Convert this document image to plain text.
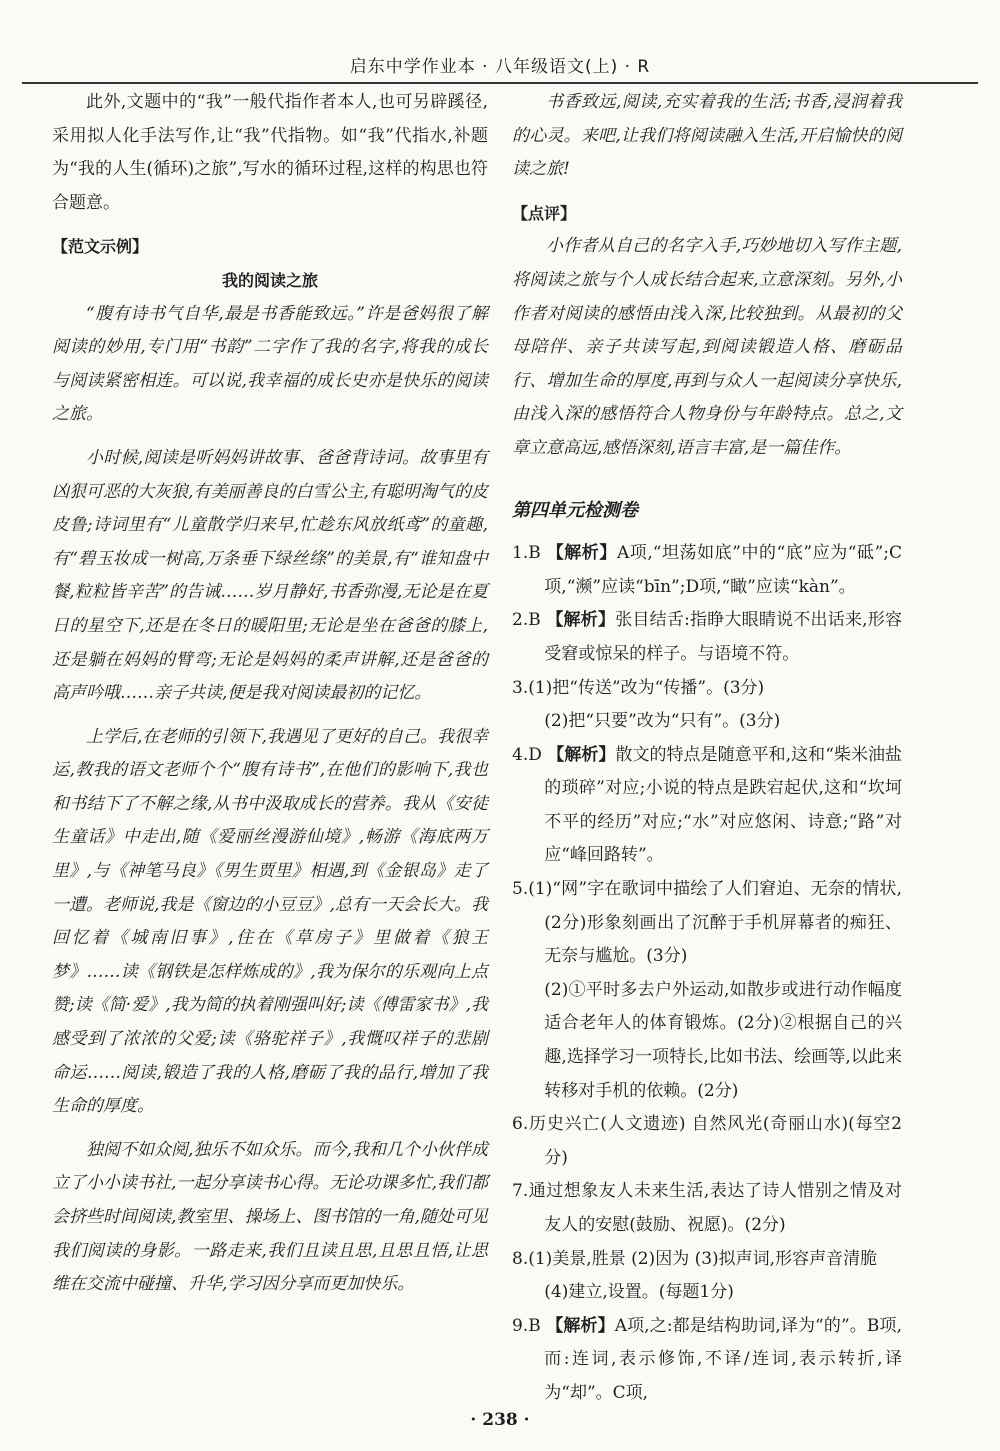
启东中学作业本 · 八年级语文(上) · R

此外,文题中的“我”一般代指作者本人,也可另辟蹊径,采用拟人化手法写作,让“我”代指物。如“我”代指水,补题为“我的人生(循环)之旅”,写水的循环过程,这样的构思也符合题意。

【范文示例】

我的阅读之旅

“腹有诗书气自华,最是书香能致远。”许是爸妈很了解阅读的妙用,专门用“书韵”二字作了我的名字,将我的成长与阅读紧密相连。可以说,我幸福的成长史亦是快乐的阅读之旅。

小时候,阅读是听妈妈讲故事、爸爸背诗词。故事里有凶狠可恶的大灰狼,有美丽善良的白雪公主,有聪明淘气的皮皮鲁;诗词里有“儿童散学归来早,忙趁东风放纸鸢”的童趣,有“碧玉妆成一树高,万条垂下绿丝绦”的美景,有“谁知盘中餐,粒粒皆辛苦”的告诫……岁月静好,书香弥漫,无论是在夏日的星空下,还是在冬日的暖阳里;无论是坐在爸爸的膝上,还是躺在妈妈的臂弯;无论是妈妈的柔声讲解,还是爸爸的高声吟哦……亲子共读,便是我对阅读最初的记忆。

上学后,在老师的引领下,我遇见了更好的自己。我很幸运,教我的语文老师个个“腹有诗书”,在他们的影响下,我也和书结下了不解之缘,从书中汲取成长的营养。我从《安徒生童话》中走出,随《爱丽丝漫游仙境》,畅游《海底两万里》,与《神笔马良》《男生贾里》相遇,到《金银岛》走了一遭。老师说,我是《窗边的小豆豆》,总有一天会长大。我回忆着《城南旧事》,住在《草房子》里做着《狼王梦》……读《钢铁是怎样炼成的》,我为保尔的乐观向上点赞;读《简·爱》,我为简的执着刚强叫好;读《傅雷家书》,我感受到了浓浓的父爱;读《骆驼祥子》,我慨叹祥子的悲剧命运……阅读,锻造了我的人格,磨砺了我的品行,增加了我生命的厚度。

独阅不如众阅,独乐不如众乐。而今,我和几个小伙伴成立了小小读书社,一起分享读书心得。无论功课多忙,我们都会挤些时间阅读,教室里、操场上、图书馆的一角,随处可见我们阅读的身影。一路走来,我们且读且思,且思且悟,让思维在交流中碰撞、升华,学习因分享而更加快乐。

书香致远,阅读,充实着我的生活;书香,浸润着我的心灵。来吧,让我们将阅读融入生活,开启愉快的阅读之旅!

【点评】

小作者从自己的名字入手,巧妙地切入写作主题,将阅读之旅与个人成长结合起来,立意深刻。另外,小作者对阅读的感悟由浅入深,比较独到。从最初的父母陪伴、亲子共读写起,到阅读锻造人格、磨砺品行、增加生命的厚度,再到与众人一起阅读分享快乐,由浅入深的感悟符合人物身份与年龄特点。总之,文章立意高远,感悟深刻,语言丰富,是一篇佳作。

第四单元检测卷

1.B 【解析】A项,“坦荡如底”中的“底”应为“砥”;C项,“濒”应读“bīn”;D项,“瞰”应读“kàn”。

2.B 【解析】张目结舌:指睁大眼睛说不出话来,形容受窘或惊呆的样子。与语境不符。

3.(1)把“传送”改为“传播”。(3分)

(2)把“只要”改为“只有”。(3分)

4.D 【解析】散文的特点是随意平和,这和“柴米油盐的琐碎”对应;小说的特点是跌宕起伏,这和“坎坷不平的经历”对应;“水”对应悠闲、诗意;“路”对应“峰回路转”。

5.(1)“网”字在歌词中描绘了人们窘迫、无奈的情状,(2分)形象刻画出了沉醉于手机屏幕者的痴狂、无奈与尴尬。(3分)

(2)①平时多去户外运动,如散步或进行动作幅度适合老年人的体育锻炼。(2分)②根据自己的兴趣,选择学习一项特长,比如书法、绘画等,以此来转移对手机的依赖。(2分)

6.历史兴亡(人文遗迹) 自然风光(奇丽山水)(每空2分)

7.通过想象友人未来生活,表达了诗人惜别之情及对友人的安慰(鼓励、祝愿)。(2分)

8.(1)美景,胜景 (2)因为 (3)拟声词,形容声音清脆

(4)建立,设置。(每题1分)

9.B 【解析】A项,之:都是结构助词,译为“的”。B项,而:连词,表示修饰,不译/连词,表示转折,译为“却”。C项,

· 238 ·
